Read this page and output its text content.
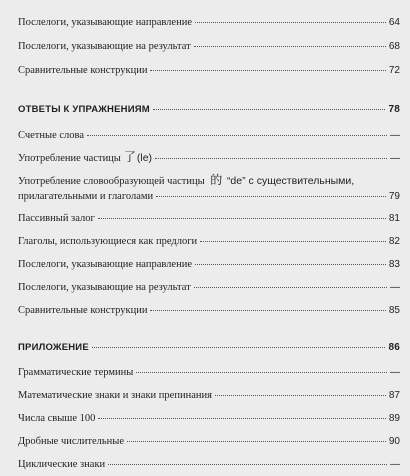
Послелоги, указывающие направление	64
Послелоги, указывающие на результат	68
Сравнительные конструкции	72
ОТВЕТЫ К УПРАЖНЕНИЯМ	78
Счетные слова	—
Употребление частицы 了 (le)	—
Употребление словообразующей частицы 的 “de” с существительными,
прилагательными и глаголами	79
Пассивный залог	81
Глаголы, использующиеся как предлоги	82
Послелоги, указывающие направление	83
Послелоги, указывающие на результат	—
Сравнительные конструкции	85
ПРИЛОЖЕНИЕ	86
Грамматические термины	—
Математические знаки и знаки препинания	87
Числа свыше 100	89
Дробные числительные	90
Циклические знаки	—
